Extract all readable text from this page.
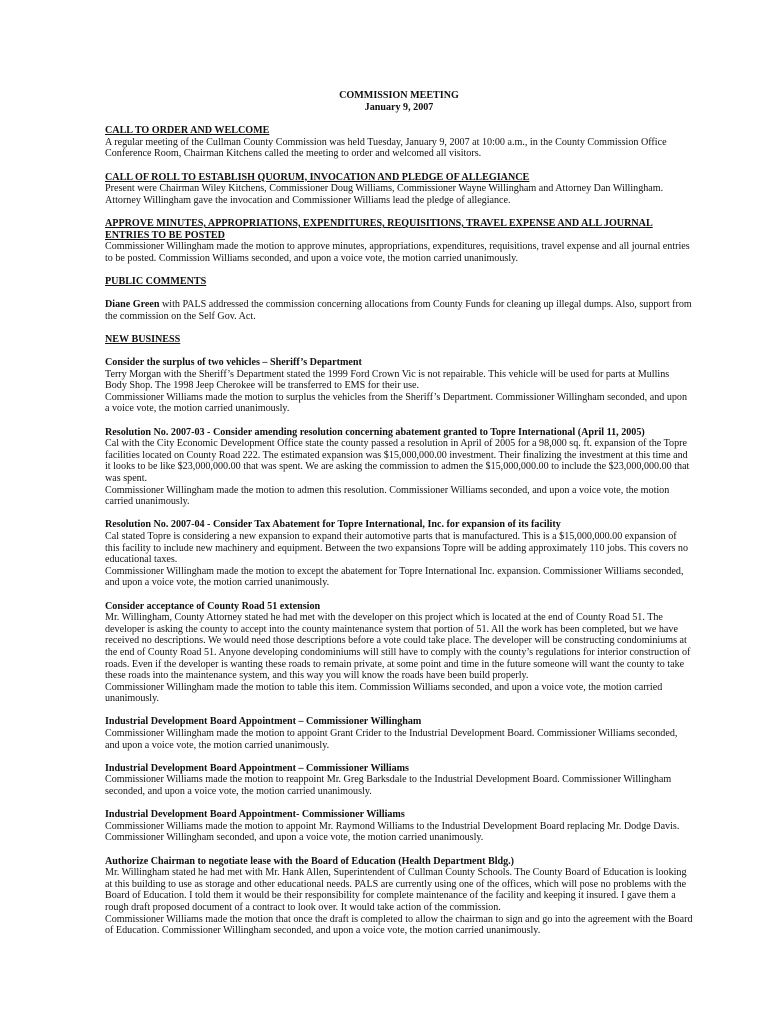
COMMISSION MEETING
January 9, 2007

CALL TO ORDER AND WELCOME

A regular meeting of the Cullman County Commission was held Tuesday, January 9, 2007 at 10:00 a.m., in the County Commission Office Conference Room, Chairman Kitchens called the meeting to order and welcomed all visitors.

CALL OF ROLL TO ESTABLISH QUORUM, INVOCATION AND PLEDGE OF ALLEGIANCE

Present were Chairman Wiley Kitchens, Commissioner Doug Williams, Commissioner Wayne Willingham and Attorney Dan Willingham. Attorney Willingham gave the invocation and Commissioner Williams lead the pledge of allegiance.

APPROVE MINUTES, APPROPRIATIONS, EXPENDITURES, REQUISITIONS, TRAVEL EXPENSE AND ALL JOURNAL ENTRIES TO BE POSTED

Commissioner Willingham made the motion to approve minutes, appropriations, expenditures, requisitions, travel expense and all journal entries to be posted. Commission Williams seconded, and upon a voice vote, the motion carried unanimously.

PUBLIC COMMENTS

Diane Green with PALS addressed the commission concerning allocations from County Funds for cleaning up illegal dumps. Also, support from the commission on the Self Gov. Act.

NEW BUSINESS

Consider the surplus of two vehicles – Sheriff’s Department

Terry Morgan with the Sheriff’s Department stated the 1999 Ford Crown Vic is not repairable. This vehicle will be used for parts at Mullins Body Shop. The 1998 Jeep Cherokee will be transferred to EMS for their use.

Commissioner Williams made the motion to surplus the vehicles from the Sheriff’s Department. Commissioner Willingham seconded, and upon a voice vote, the motion carried unanimously.

Resolution No. 2007-03 - Consider amending resolution concerning abatement granted to Topre International (April 11, 2005)

Cal with the City Economic Development Office state the county passed a resolution in April of 2005 for a 98,000 sq. ft. expansion of the Topre facilities located on County Road 222. The estimated expansion was $15,000,000.00 investment. Their finalizing the investment at this time and it looks to be like $23,000,000.00 that was spent. We are asking the commission to admen the $15,000,000.00 to include the $23,000,000.00 that was spent.

Commissioner Willingham made the motion to admen this resolution. Commissioner Williams seconded, and upon a voice vote, the motion carried unanimously.

Resolution No. 2007-04 - Consider Tax Abatement for Topre International, Inc. for expansion of its facility

Cal stated Topre is considering a new expansion to expand their automotive parts that is manufactured. This is a $15,000,000.00 expansion of this facility to include new machinery and equipment. Between the two expansions Topre will be adding approximately 110 jobs. This covers no educational taxes.

Commissioner Willingham made the motion to except the abatement for Topre International Inc. expansion. Commissioner Williams seconded, and upon a voice vote, the motion carried unanimously.

Consider acceptance of County Road 51 extension

Mr. Willingham, County Attorney stated he had met with the developer on this project which is located at the end of County Road 51. The developer is asking the county to accept into the county maintenance system that portion of 51. All the work has been completed, but we have received no descriptions. We would need those descriptions before a vote could take place. The developer will be constructing condominiums at the end of County Road 51. Anyone developing condominiums will still have to comply with the county’s regulations for interior construction of roads. Even if the developer is wanting these roads to remain private, at some point and time in the future someone will want the county to take these roads into the maintenance system, and this way you will know the roads have been build properly.

Commissioner Willingham made the motion to table this item. Commission Williams seconded, and upon a voice vote, the motion carried unanimously.

Industrial Development Board Appointment – Commissioner Willingham

Commissioner Willingham made the motion to appoint Grant Crider to the Industrial Development Board. Commissioner Williams seconded, and upon a voice vote, the motion carried unanimously.

Industrial Development Board Appointment – Commissioner Williams

Commissioner Williams made the motion to reappoint Mr. Greg Barksdale to the Industrial Development Board. Commissioner Willingham seconded, and upon a voice vote, the motion carried unanimously.

Industrial Development Board Appointment- Commissioner Williams

Commissioner Williams made the motion to appoint Mr. Raymond Williams to the Industrial Development Board replacing Mr. Dodge Davis. Commissioner Willingham seconded, and upon a voice vote, the motion carried unanimously.

Authorize Chairman to negotiate lease with the Board of Education (Health Department Bldg.)

Mr. Willingham stated he had met with Mr. Hank Allen, Superintendent of Cullman County Schools. The County Board of Education is looking at this building to use as storage and other educational needs. PALS are currently using one of the offices, which will pose no problems with the Board of Education. I told them it would be their responsibility for complete maintenance of the facility and keeping it insured. I gave them a rough draft proposed document of a contract to look over. It would take action of the commission.

Commissioner Williams made the motion that once the draft is completed to allow the chairman to sign and go into the agreement with the Board of Education. Commissioner Willingham seconded, and upon a voice vote, the motion carried unanimously.
